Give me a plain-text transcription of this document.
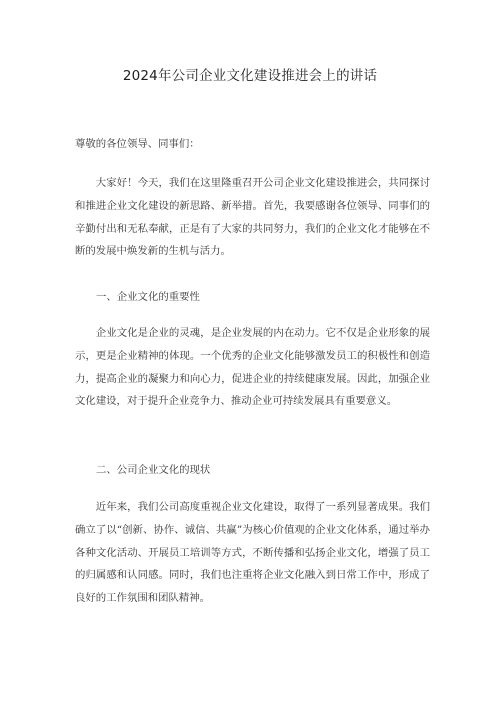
2024年公司企业文化建设推进会上的讲话

尊敬的各位领导、同事们：

大家好！今天，我们在这里隆重召开公司企业文化建设推进会，共同探讨和推进企业文化建设的新思路、新举措。首先，我要感谢各位领导、同事们的辛勤付出和无私奉献，正是有了大家的共同努力，我们的企业文化才能够在不断的发展中焕发新的生机与活力。

一、企业文化的重要性

企业文化是企业的灵魂，是企业发展的内在动力。它不仅是企业形象的展示，更是企业精神的体现。一个优秀的企业文化能够激发员工的积极性和创造力，提高企业的凝聚力和向心力，促进企业的持续健康发展。因此，加强企业文化建设，对于提升企业竞争力、推动企业可持续发展具有重要意义。

二、公司企业文化的现状

近年来，我们公司高度重视企业文化建设，取得了一系列显著成果。我们确立了以“创新、协作、诚信、共赢”为核心价值观的企业文化体系，通过举办各种文化活动、开展员工培训等方式，不断传播和弘扬企业文化，增强了员工的归属感和认同感。同时，我们也注重将企业文化融入到日常工作中，形成了良好的工作氛围和团队精神。
